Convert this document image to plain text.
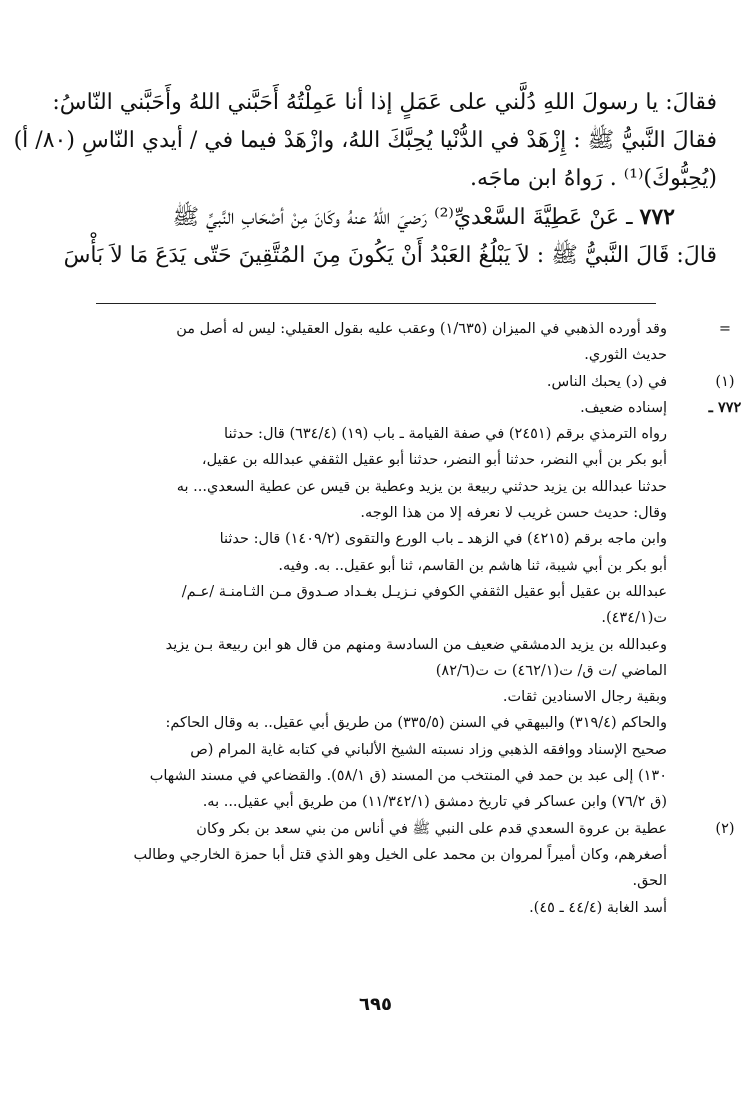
فقالَ: يا رسولَ اللهِ دُلَّني على عَمَلٍ إذا أنا عَمِلْتُهُ أَحَبَّني اللهُ وأَحَبَّني النّاسُ:

فقالَ النَّبيُّ ﷺ : إِزْهَدْ في الدُّنْيا يُحِبَّكَ اللهُ، وازْهَدْ فيما في / أيدي النّاسِ (٨٠/ أ)

(يُحِبُّوكَ)⁽¹⁾ . رَواهُ ابن ماجَه.

٧٧٢ ـ عَنْ عَطِيَّةَ السَّعْديِّ⁽²⁾ رَضيَ اللهُ عنهُ وكَانَ مِنْ أصْحَابِ النَّبيِّ ﷺ

قالَ: قَالَ النَّبيُّ ﷺ : لاَ يَبْلُغُ العَبْدُ أَنْ يَكُونَ مِنَ المُتَّقِينَ حَتّى يَدَعَ مَا لاَ بَأْسَ

=

وقد أورده الذهبي في الميزان (١/٦٣٥) وعقب عليه بقول العقيلي: ليس له أصل من

حديث الثوري.

(١)

في (د) يحبك الناس.

٧٧٢ ـ

إسناده ضعيف.

رواه الترمذي برقم (٢٤٥١) في صفة القيامة ـ باب (١٩) (٦٣٤/٤) قال: حدثنا

أبو بكر بن أبي النضر، حدثنا أبو النضر، حدثنا أبو عقيل الثقفي عبدالله بن عقيل،

حدثنا عبدالله بن يزيد حدثني ربيعة بن يزيد وعطية بن قيس عن عطية السعدي... به

وقال: حديث حسن غريب لا نعرفه إلا من هذا الوجه.

وابن ماجه برقم (٤٢١٥) في الزهد ـ باب الورع والتقوى (١٤٠٩/٢) قال: حدثنا

أبو بكر بن أبي شيبة، ثنا هاشم بن القاسم، ثنا أبو عقيل.. به. وفيه.

عبدالله بن عقيل أبو عقيل الثقفي الكوفي نـزيـل بغـداد صـدوق مـن الثـامنـة /عـم/

ت(٤٣٤/١).

وعبدالله بن يزيد الدمشقي ضعيف من السادسة ومنهم من قال هو ابن ربيعة بـن يزيد

الماضي /ت ق/ ت(٤٦٢/١) ت ت(٨٢/٦)

وبقية رجال الاسنادين ثقات.

والحاكم (٣١٩/٤) والبيهقي في السنن (٣٣٥/٥) من طريق أبي عقيل.. به وقال الحاكم:

صحيح الإسناد ووافقه الذهبي وزاد نسبته الشيخ الألباني في كتابه غاية المرام (ص

١٣٠) إلى عبد بن حمد في المنتخب من المسند (ق ٥٨/١). والقضاعي في مسند الشهاب

(ق ٧٦/٢) وابن عساكر في تاريخ دمشق (١١/٣٤٢/١) من طريق أبي عقيل... به.

(٢)

عطية بن عروة السعدي قدم على النبي ﷺ في أناس من بني سعد بن بكر وكان

أصغرهم، وكان أميراً لمروان بن محمد على الخيل وهو الذي قتل أبا حمزة الخارجي وطالب

الحق.

أسد الغابة (٤٤/٤ ـ ٤٥).

٦٩٥
